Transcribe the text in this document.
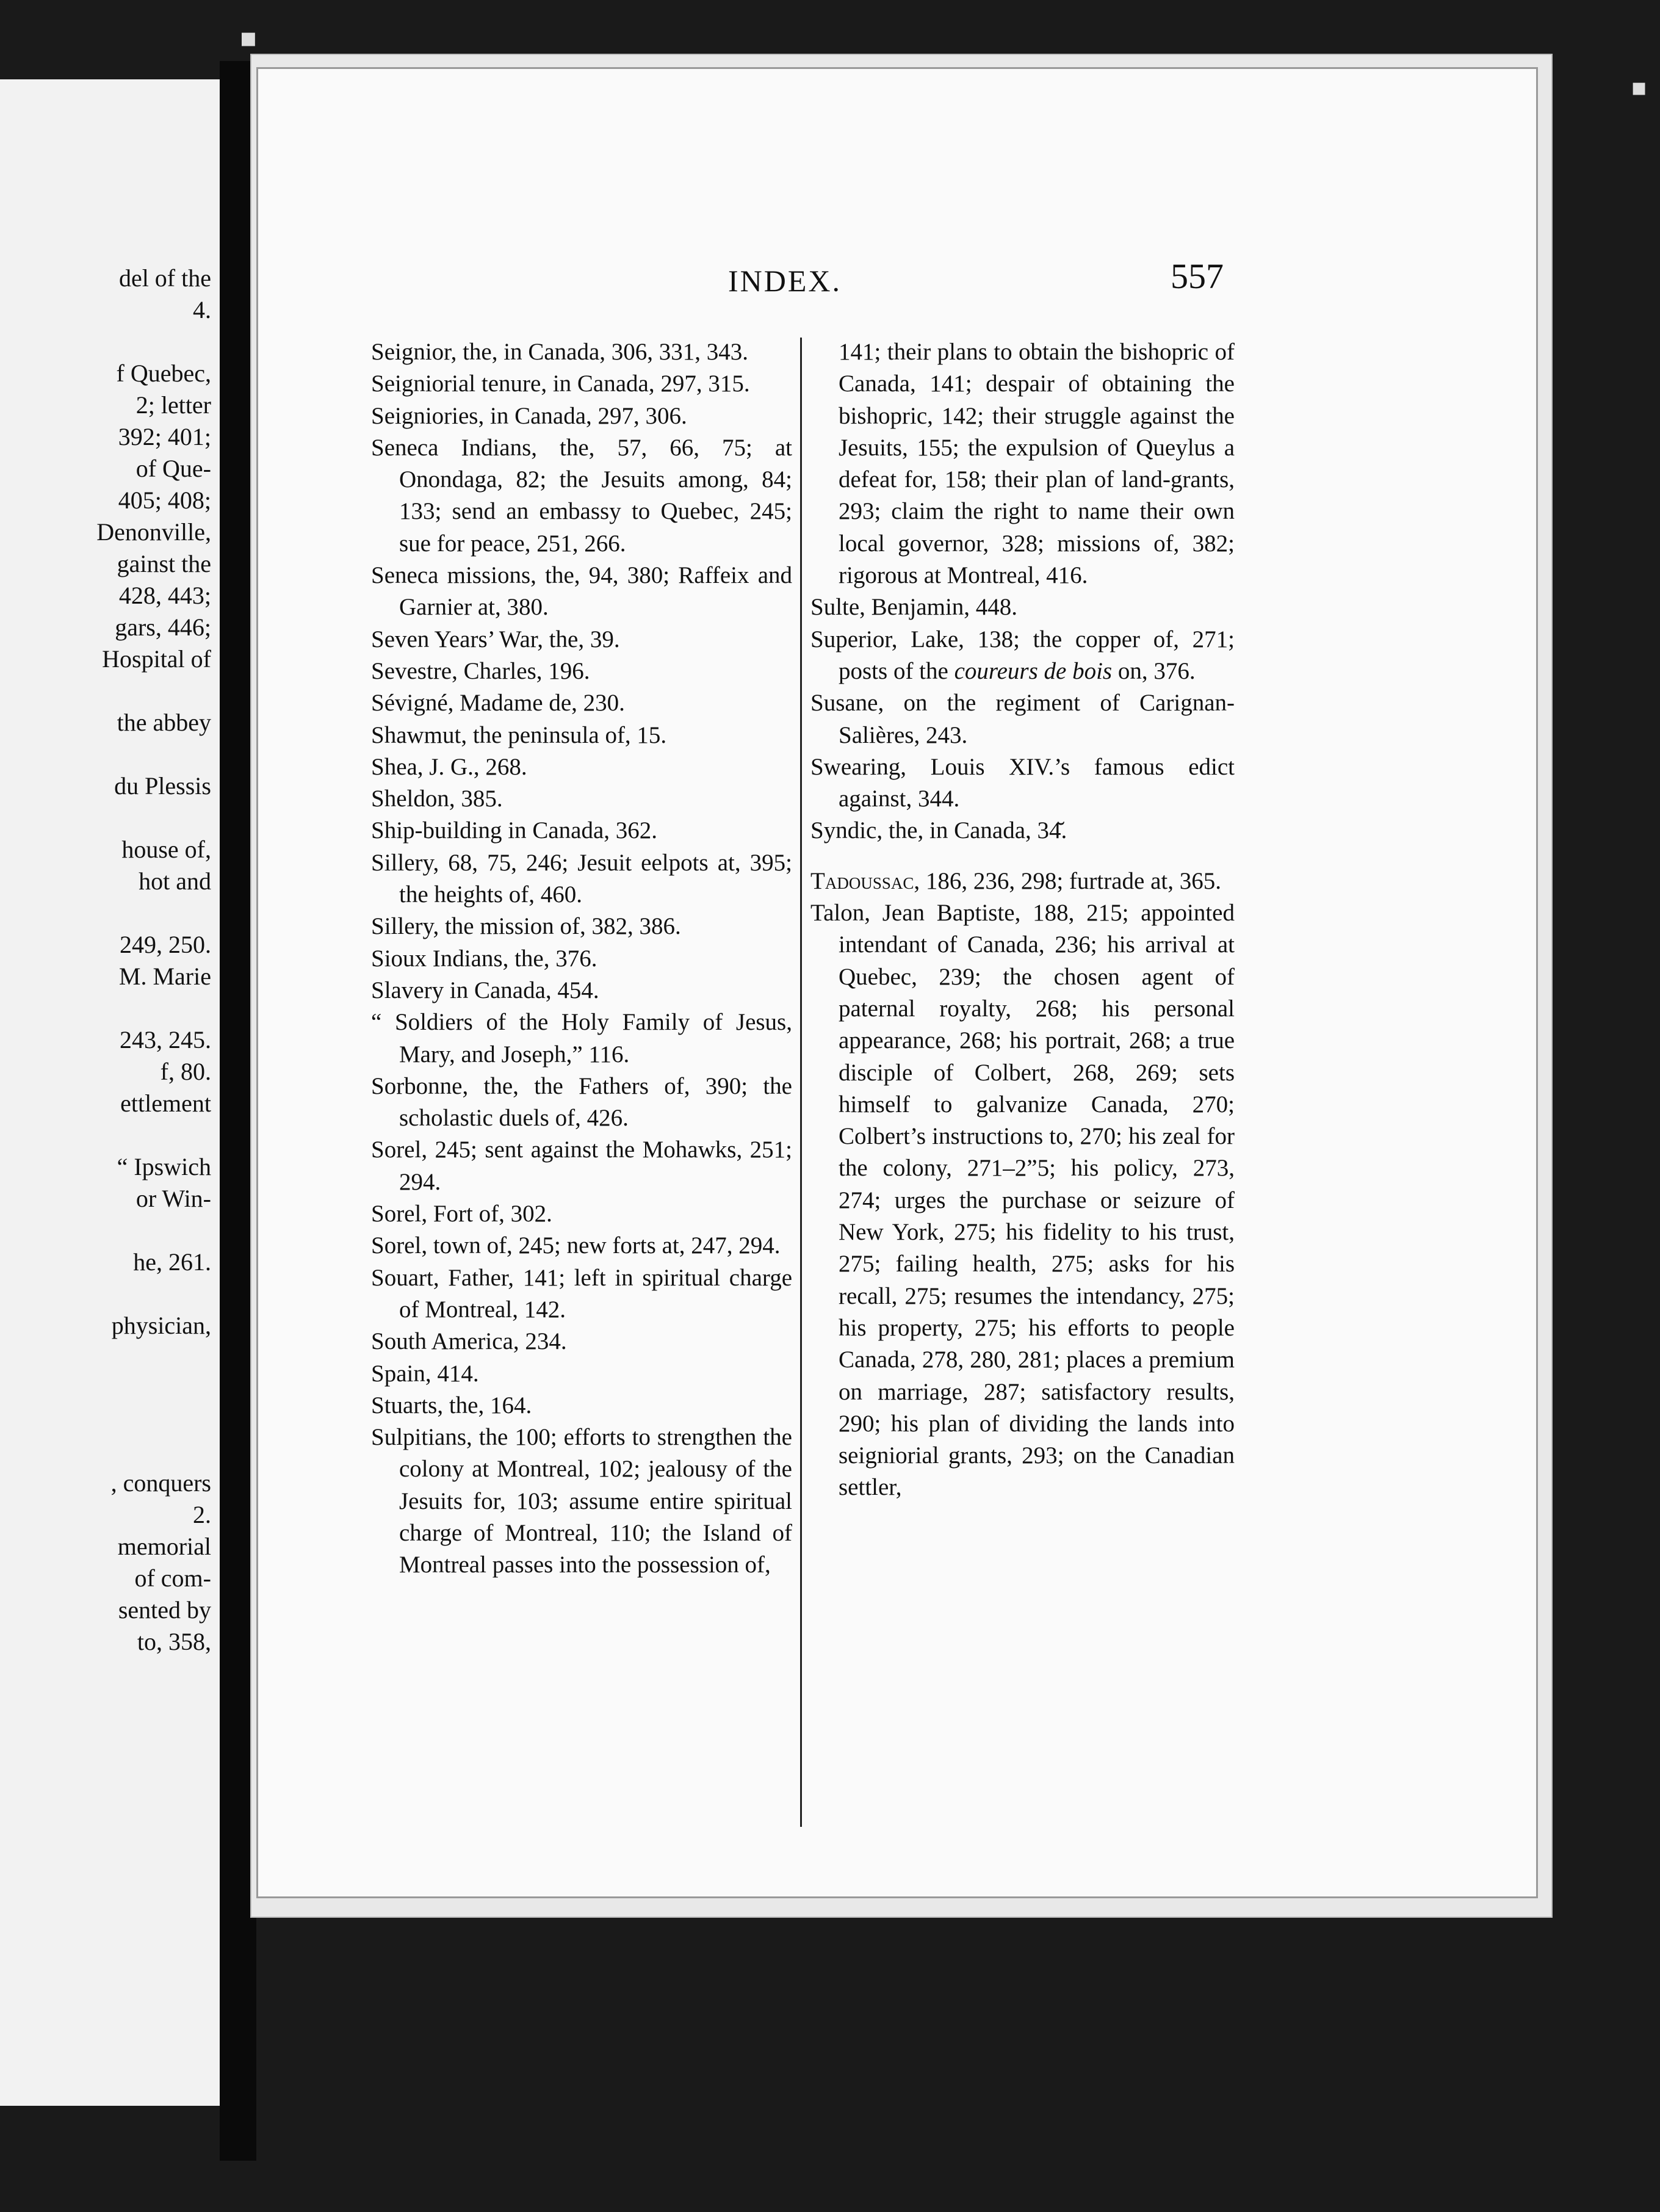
del of the
4.
f Quebec,
2; letter
392; 401;
of Que-
405; 408;
Denonville,
gainst the
428, 443;
gars, 446;
Hospital of
the abbey
du Plessis
house of,
hot and
249, 250.
M. Marie
243, 245.
f, 80.
ettlement
“ Ipswich
or Win-
he, 261.
physician,
, conquers
2.
memorial
of com-
sented by
to, 358,
▪
INDEX.	557

Seignior, the, in Canada, 306, 331, 343.

Seigniorial tenure, in Canada, 297, 315.

Seigniories, in Canada, 297, 306.

Seneca Indians, the, 57, 66, 75; at Onondaga, 82; the Jesuits among, 84; 133; send an embassy to Quebec, 245; sue for peace, 251, 266.

Seneca missions, the, 94, 380; Raffeix and Garnier at, 380.

Seven Years’ War, the, 39.

Sevestre, Charles, 196.

Sévigné, Madame de, 230.

Shawmut, the peninsula of, 15.

Shea, J. G., 268.

Sheldon, 385.

Ship-building in Canada, 362.

Sillery, 68, 75, 246; Jesuit eelpots at, 395; the heights of, 460.

Sillery, the mission of, 382, 386.

Sioux Indians, the, 376.

Slavery in Canada, 454.

“ Soldiers of the Holy Family of Jesus, Mary, and Joseph,” 116.

Sorbonne, the, the Fathers of, 390; the scholastic duels of, 426.

Sorel, 245; sent against the Mohawks, 251; 294.

Sorel, Fort of, 302.

Sorel, town of, 245; new forts at, 247, 294.

Souart, Father, 141; left in spiritual charge of Montreal, 142.

South America, 234.

Spain, 414.

Stuarts, the, 164.

Sulpitians, the 100; efforts to strengthen the colony at Montreal, 102; jealousy of the Jesuits for, 103; assume entire spiritual charge of Montreal, 110; the Island of Montreal passes into the possession of,

141; their plans to obtain the bishopric of Canada, 141; despair of obtaining the bishopric, 142; their struggle against the Jesuits, 155; the expulsion of Queylus a defeat for, 158; their plan of land-grants, 293; claim the right to name their own local governor, 328; missions of, 382; rigorous at Montreal, 416.

Sulte, Benjamin, 448.

Superior, Lake, 138; the copper of, 271; posts of the coureurs de bois on, 376.

Susane, on the regiment of Carignan-Salières, 243.

Swearing, Louis XIV.’s famous edict against, 344.

Syndic, the, in Canada, 34̆.

Tadoussac, 186, 236, 298; furtrade at, 365.

Talon, Jean Baptiste, 188, 215; appointed intendant of Canada, 236; his arrival at Quebec, 239; the chosen agent of paternal royalty, 268; his personal appearance, 268; his portrait, 268; a true disciple of Colbert, 268, 269; sets himself to galvanize Canada, 270; Colbert’s instructions to, 270; his zeal for the colony, 271–2”5; his policy, 273, 274; urges the purchase or seizure of New York, 275; his fidelity to his trust, 275; failing health, 275; asks for his recall, 275; resumes the intendancy, 275; his property, 275; his efforts to people Canada, 278, 280, 281; places a premium on marriage, 287; satisfactory results, 290; his plan of dividing the lands into seigniorial grants, 293; on the Canadian settler,

▪
